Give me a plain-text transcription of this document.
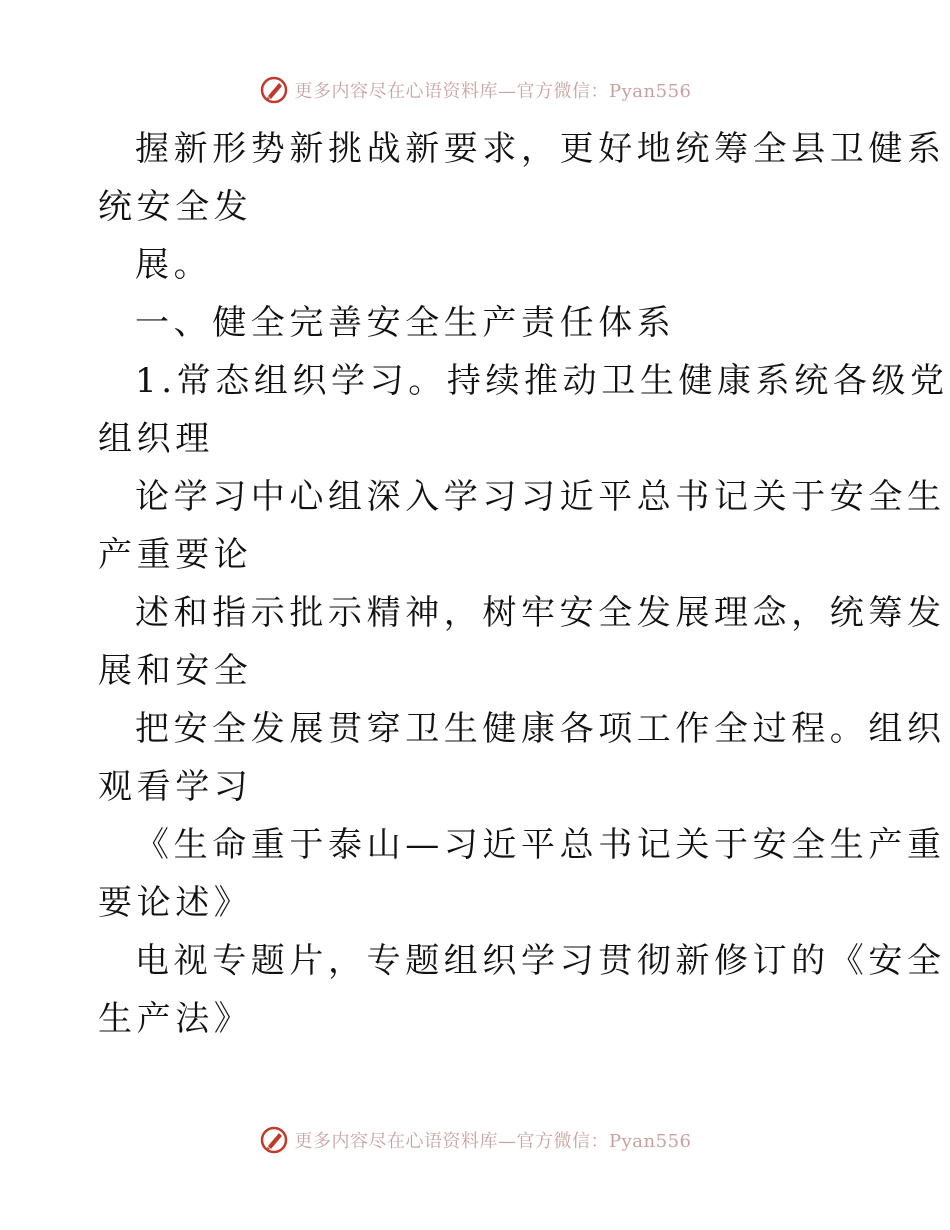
更多内容尽在心语资料库—官方微信：Pyan556
握新形势新挑战新要求，更好地统筹全县卫健系
统安全发
展。
一、健全完善安全生产责任体系
1.常态组织学习。持续推动卫生健康系统各级党
组织理
论学习中心组深入学习习近平总书记关于安全生
产重要论
述和指示批示精神，树牢安全发展理念，统筹发
展和安全
把安全发展贯穿卫生健康各项工作全过程。组织
观看学习
《生命重于泰山—习近平总书记关于安全生产重
要论述》
电视专题片，专题组织学习贯彻新修订的《安全
生产法》
更多内容尽在心语资料库—官方微信：Pyan556
